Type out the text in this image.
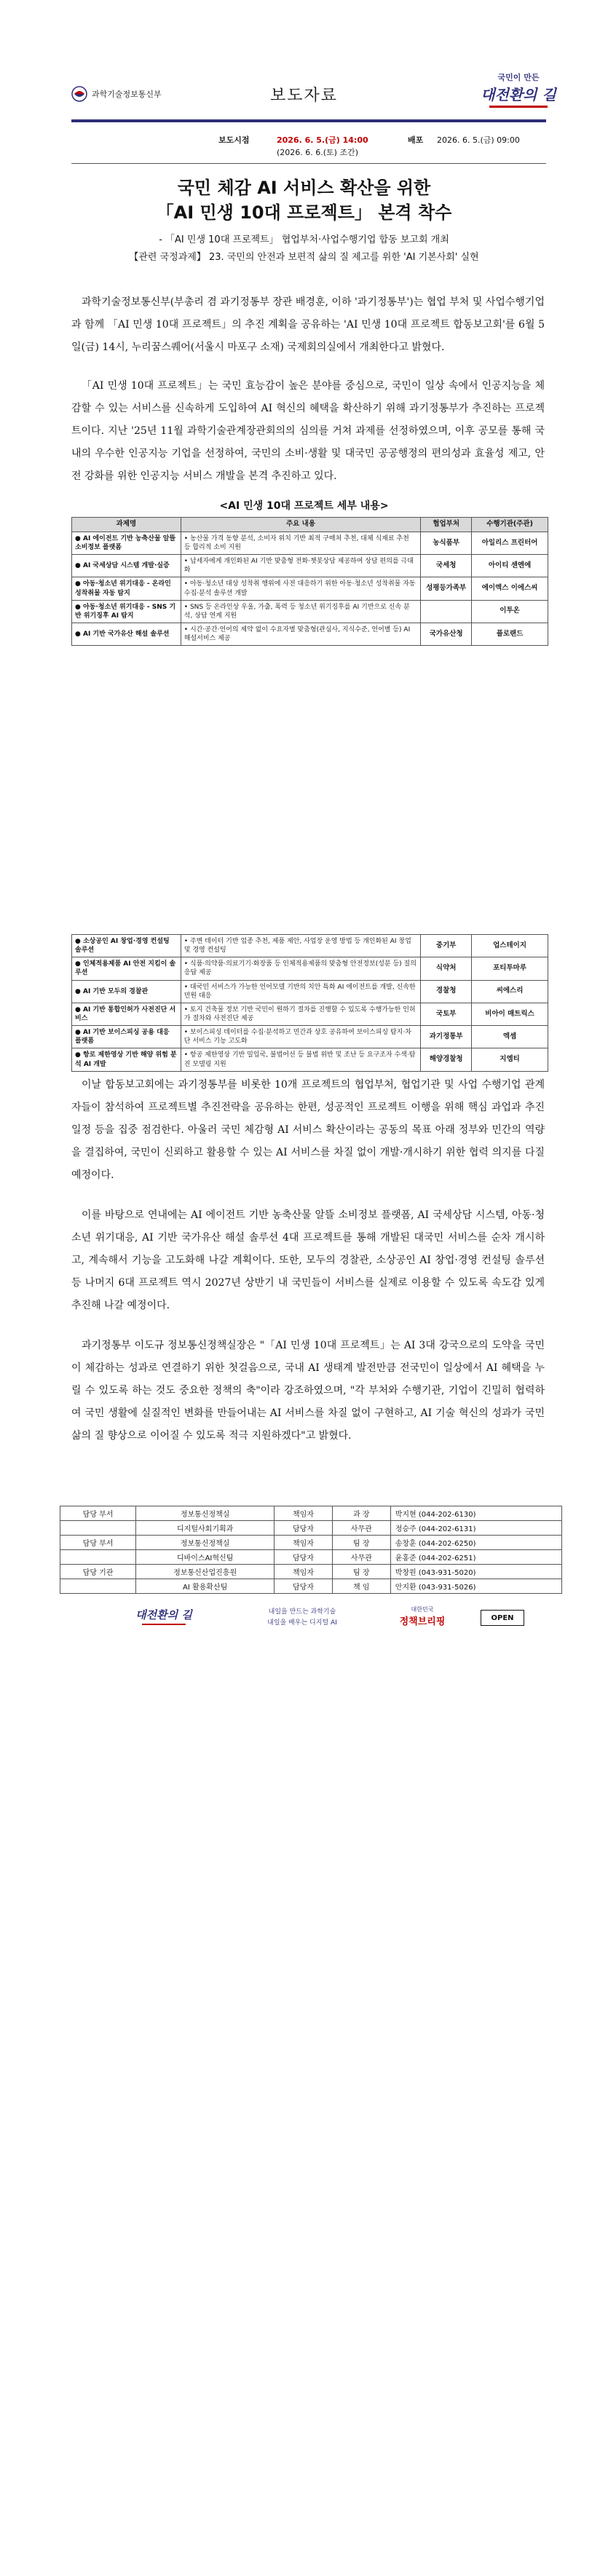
과학기술정보통신부	보도자료
국민이 만든
대전환의 길
보도시점	2026. 6. 5.(금) 14:00
(2026. 6. 6.(토) 조간)
배포 2026. 6. 5.(금) 09:00
국민 체감 AI 서비스 확산을 위한
「AI 민생 10대 프로젝트」 본격 착수
- 「AI 민생 10대 프로젝트」 협업부처·사업수행기업 합동 보고회 개최
【관련 국정과제】 23. 국민의 안전과 보편적 삶의 질 제고를 위한 'AI 기본사회' 실현

과학기술정보통신부(부총리 겸 과기정통부 장관 배경훈, 이하 '과기정통부')는 협업 부처 및 사업수행기업과 함께 「AI 민생 10대 프로젝트」의 추진 계획을 공유하는 'AI 민생 10대 프로젝트 합동보고회'를 6월 5일(금) 14시, 누리꿈스퀘어(서울시 마포구 소재) 국제회의실에서 개최한다고 밝혔다.

「AI 민생 10대 프로젝트」는 국민 효능감이 높은 분야를 중심으로, 국민이 일상 속에서 인공지능을 체감할 수 있는 서비스를 신속하게 도입하여 AI 혁신의 혜택을 확산하기 위해 과기정통부가 추진하는 프로젝트이다. 지난 '25년 11월 과학기술관계장관회의의 심의를 거쳐 과제를 선정하였으며, 이후 공모를 통해 국내의 우수한 인공지능 기업을 선정하여, 국민의 소비·생활 및 대국민 공공행정의 편의성과 효율성 제고, 안전 강화를 위한 인공지능 서비스 개발을 본격 추진하고 있다.

<AI 민생 10대 프로젝트 세부 내용>
과제명	주요 내용	협업부처	수행기관(주관)
● AI 에이전트 기반 농축산물 알뜰 소비정보 플랫폼	• 농산물 가격 동향 분석, 소비자 위치 기반 최적 구매처 추천, 대체 식재료 추천 등 합리적 소비 지원	농식품부	아일리스 프린터어
● AI 국세상담 시스템 개발·실증	• 납세자에게 개인화된 AI 기반 맞춤형 전화·챗봇상담 제공하여 상담 편의를 극대화	국세청	아이티 센엔에
● 아동·청소년 위기대응 - 온라인 성착취물 자동 탐지	• 아동·청소년 대상 성착취 행위에 사전 대응하기 위한 아동·청소년 성착취물 자동 수집·분석 솔루션 개발	성평등가족부	에이엑스 이에스씨
● 아동·청소년 위기대응 - SNS 기반 위기징후 AI 탐지	• SNS 등 온라인상 우울, 가출, 폭력 등 청소년 위기징후를 AI 기반으로 신속 분석, 상담 연계 지원		이투온
● AI 기반 국가유산 해설 솔루션	• 시간·공간·언어의 제약 없이 수요자별 맞춤형(관심사, 지식수준, 언어별 등) AI 해설서비스 제공	국가유산청	플로랜드
● 소상공인 AI 창업·경영 컨설팅 솔루션	• 주변 데이터 기반 업종 추천, 제품 제안, 사업장 운영 방법 등 개인화된 AI 창업 및 경영 컨설팅	중기부	업스테이지
● 인체적용제품 AI 안전 지킴이 솔루션	• 식품·의약품·의료기기·화장품 등 인체적용제품의 맞춤형 안전정보(성분 등) 질의응답 제공	식약처	포티투마루
● AI 기반 모두의 경찰관	• 대국민 서비스가 가능한 언어모델 기반의 치안 특화 AI 에이전트를 개발, 신속한 민원 대응	경찰청	씨에스리
● AI 기반 통합인허가 사전진단 서비스	• 토지 건축물 정보 기반 국민이 원하기 절차를 진행할 수 있도록 수행가능한 인허가 절차와 사전진단 제공	국토부	비아이 매트릭스
● AI 기반 보이스피싱 공용 대응 플랫폼	• 보이스피싱 데이터를 수집·분석하고 민간과 상호 공유하여 보이스피싱 탐지·차단 서비스 기능 고도화	과기정통부	엑셈
● 항로 제한영상 기반 해양 위험 분석 AI 개발	• 항공 제한영상 기반 밀입국, 불법어선 등 불법 위반 및 조난 등 요구조자 수색·탐진 모델링 지원	해양경찰청	지엠티

이날 합동보고회에는 과기정통부를 비롯한 10개 프로젝트의 협업부처, 협업기관 및 사업 수행기업 관계자들이 참석하여 프로젝트별 추진전략을 공유하는 한편, 성공적인 프로젝트 이행을 위해 핵심 과업과 추진일정 등을 집중 점검한다. 아울러 국민 체감형 AI 서비스 확산이라는 공동의 목표 아래 정부와 민간의 역량을 결집하여, 국민이 신뢰하고 활용할 수 있는 AI 서비스를 차질 없이 개발·개시하기 위한 협력 의지를 다질 예정이다.

이를 바탕으로 연내에는 AI 에이전트 기반 농축산물 알뜰 소비정보 플랫폼, AI 국세상담 시스템, 아동·청소년 위기대응, AI 기반 국가유산 해설 솔루션 4대 프로젝트를 통해 개발된 대국민 서비스를 순차 개시하고, 계속해서 기능을 고도화해 나갈 계획이다. 또한, 모두의 경찰관, 소상공인 AI 창업·경영 컨설팅 솔루션 등 나머지 6대 프로젝트 역시 2027년 상반기 내 국민들이 서비스를 실제로 이용할 수 있도록 속도감 있게 추진해 나갈 예정이다.

담당 부서	정보통신정책실	책임자	과 장	박지현 (044-202-6130)
	디지털사회기획과	담당자	사무관	정승주 (044-202-6131)
담당 부서	정보통신정책실	책임자	팀 장	송창훈 (044-202-6250)
	디바이스AI혁신팀	담당자	사무관	윤홍준 (044-202-6251)
담당 기관	정보통신산업진흥원	책임자	팀 장	박창원 (043-931-5020)
	AI 활용확산팀	담당자	책 임	안지환 (043-931-5026)
대전환의 길	내일을 만드는 과학기술
내일을 배우는 디지털 AI
대한민국
정책브리핑	OPEN

과기정통부 이도규 정보통신정책실장은 "「AI 민생 10대 프로젝트」는 AI 3대 강국으로의 도약을 국민이 체감하는 성과로 연결하기 위한 첫걸음으로, 국내 AI 생태계 발전만큼 전국민이 일상에서 AI 혜택을 누릴 수 있도록 하는 것도 중요한 정책의 축"이라 강조하였으며, "각 부처와 수행기관, 기업이 긴밀히 협력하여 국민 생활에 실질적인 변화를 만들어내는 AI 서비스를 차질 없이 구현하고, AI 기술 혁신의 성과가 국민 삶의 질 향상으로 이어질 수 있도록 적극 지원하겠다"고 밝혔다.
